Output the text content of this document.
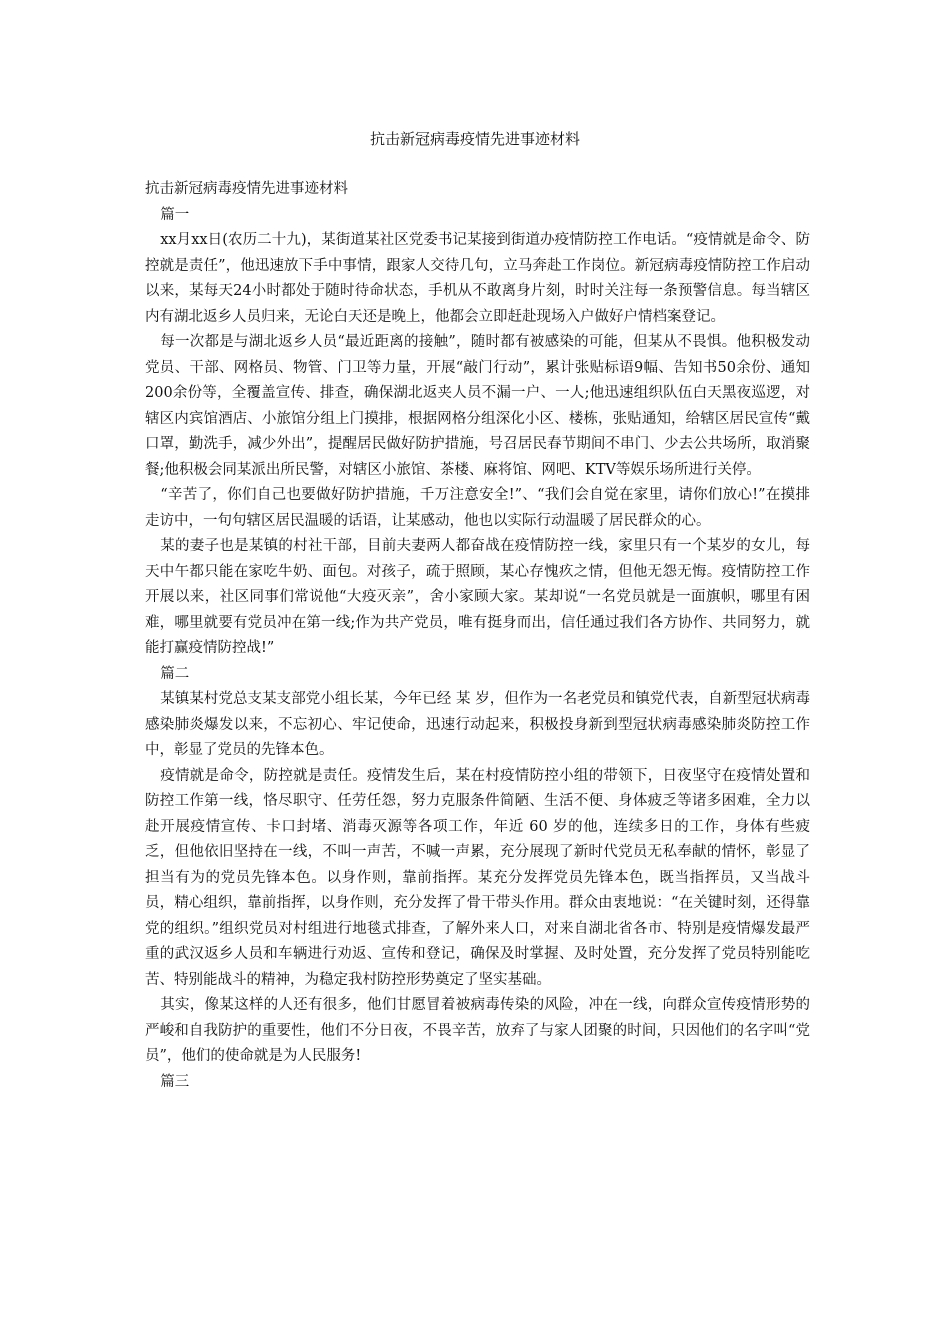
抗击新冠病毒疫情先进事迹材料

抗击新冠病毒疫情先进事迹材料

篇一

xx月xx日(农历二十九)，某街道某社区党委书记某接到街道办疫情防控工作电话。“疫情就是命令、防控就是责任”，他迅速放下手中事情，跟家人交待几句，立马奔赴工作岗位。新冠病毒疫情防控工作启动以来，某每天24小时都处于随时待命状态，手机从不敢离身片刻，时时关注每一条预警信息。每当辖区内有湖北返乡人员归来，无论白天还是晚上，他都会立即赶赴现场入户做好户情档案登记。

每一次都是与湖北返乡人员“最近距离的接触”，随时都有被感染的可能，但某从不畏惧。他积极发动党员、干部、网格员、物管、门卫等力量，开展“敲门行动”，累计张贴标语9幅、告知书50余份、通知200余份等，全覆盖宣传、排查，确保湖北返夹人员不漏一户、一人;他迅速组织队伍白天黑夜巡逻，对辖区内宾馆酒店、小旅馆分组上门摸排，根据网格分组深化小区、楼栋，张贴通知，给辖区居民宣传“戴口罩，勤洗手，减少外出”，提醒居民做好防护措施，号召居民春节期间不串门、少去公共场所，取消聚餐;他积极会同某派出所民警，对辖区小旅馆、茶楼、麻将馆、网吧、KTV等娱乐场所进行关停。

“辛苦了，你们自己也要做好防护措施，千万注意安全!”、“我们会自觉在家里，请你们放心!”在摸排走访中，一句句辖区居民温暖的话语，让某感动，他也以实际行动温暖了居民群众的心。

某的妻子也是某镇的村社干部，目前夫妻两人都奋战在疫情防控一线，家里只有一个某岁的女儿，每天中午都只能在家吃牛奶、面包。对孩子，疏于照顾，某心存愧疚之情，但他无怨无悔。疫情防控工作开展以来，社区同事们常说他“大疫灭亲”，舍小家顾大家。某却说“一名党员就是一面旗帜，哪里有困难，哪里就要有党员冲在第一线;作为共产党员，唯有挺身而出，信任通过我们各方协作、共同努力，就能打赢疫情防控战!”

篇二

某镇某村党总支某支部党小组长某，今年已经 某 岁，但作为一名老党员和镇党代表，自新型冠状病毒感染肺炎爆发以来，不忘初心、牢记使命，迅速行动起来，积极投身新到型冠状病毒感染肺炎防控工作中，彰显了党员的先锋本色。

疫情就是命令，防控就是责任。疫情发生后，某在村疫情防控小组的带领下，日夜坚守在疫情处置和防控工作第一线，恪尽职守、任劳任怨，努力克服条件简陋、生活不便、身体疲乏等诸多困难，全力以赴开展疫情宣传、卡口封堵、消毒灭源等各项工作，年近 60 岁的他，连续多日的工作，身体有些疲乏，但他依旧坚持在一线，不叫一声苦，不喊一声累，充分展现了新时代党员无私奉献的情怀，彰显了担当有为的党员先锋本色。以身作则，靠前指挥。某充分发挥党员先锋本色，既当指挥员，又当战斗员，精心组织，靠前指挥，以身作则，充分发挥了骨干带头作用。群众由衷地说：“在关键时刻，还得靠党的组织。”组织党员对村组进行地毯式排查，了解外来人口，对来自湖北省各市、特别是疫情爆发最严重的武汉返乡人员和车辆进行劝返、宣传和登记，确保及时掌握、及时处置，充分发挥了党员特别能吃苦、特别能战斗的精神，为稳定我村防控形势奠定了坚实基础。

其实，像某这样的人还有很多，他们甘愿冒着被病毒传染的风险，冲在一线，向群众宣传疫情形势的严峻和自我防护的重要性，他们不分日夜，不畏辛苦，放弃了与家人团聚的时间，只因他们的名字叫“党员”，他们的使命就是为人民服务!

篇三
